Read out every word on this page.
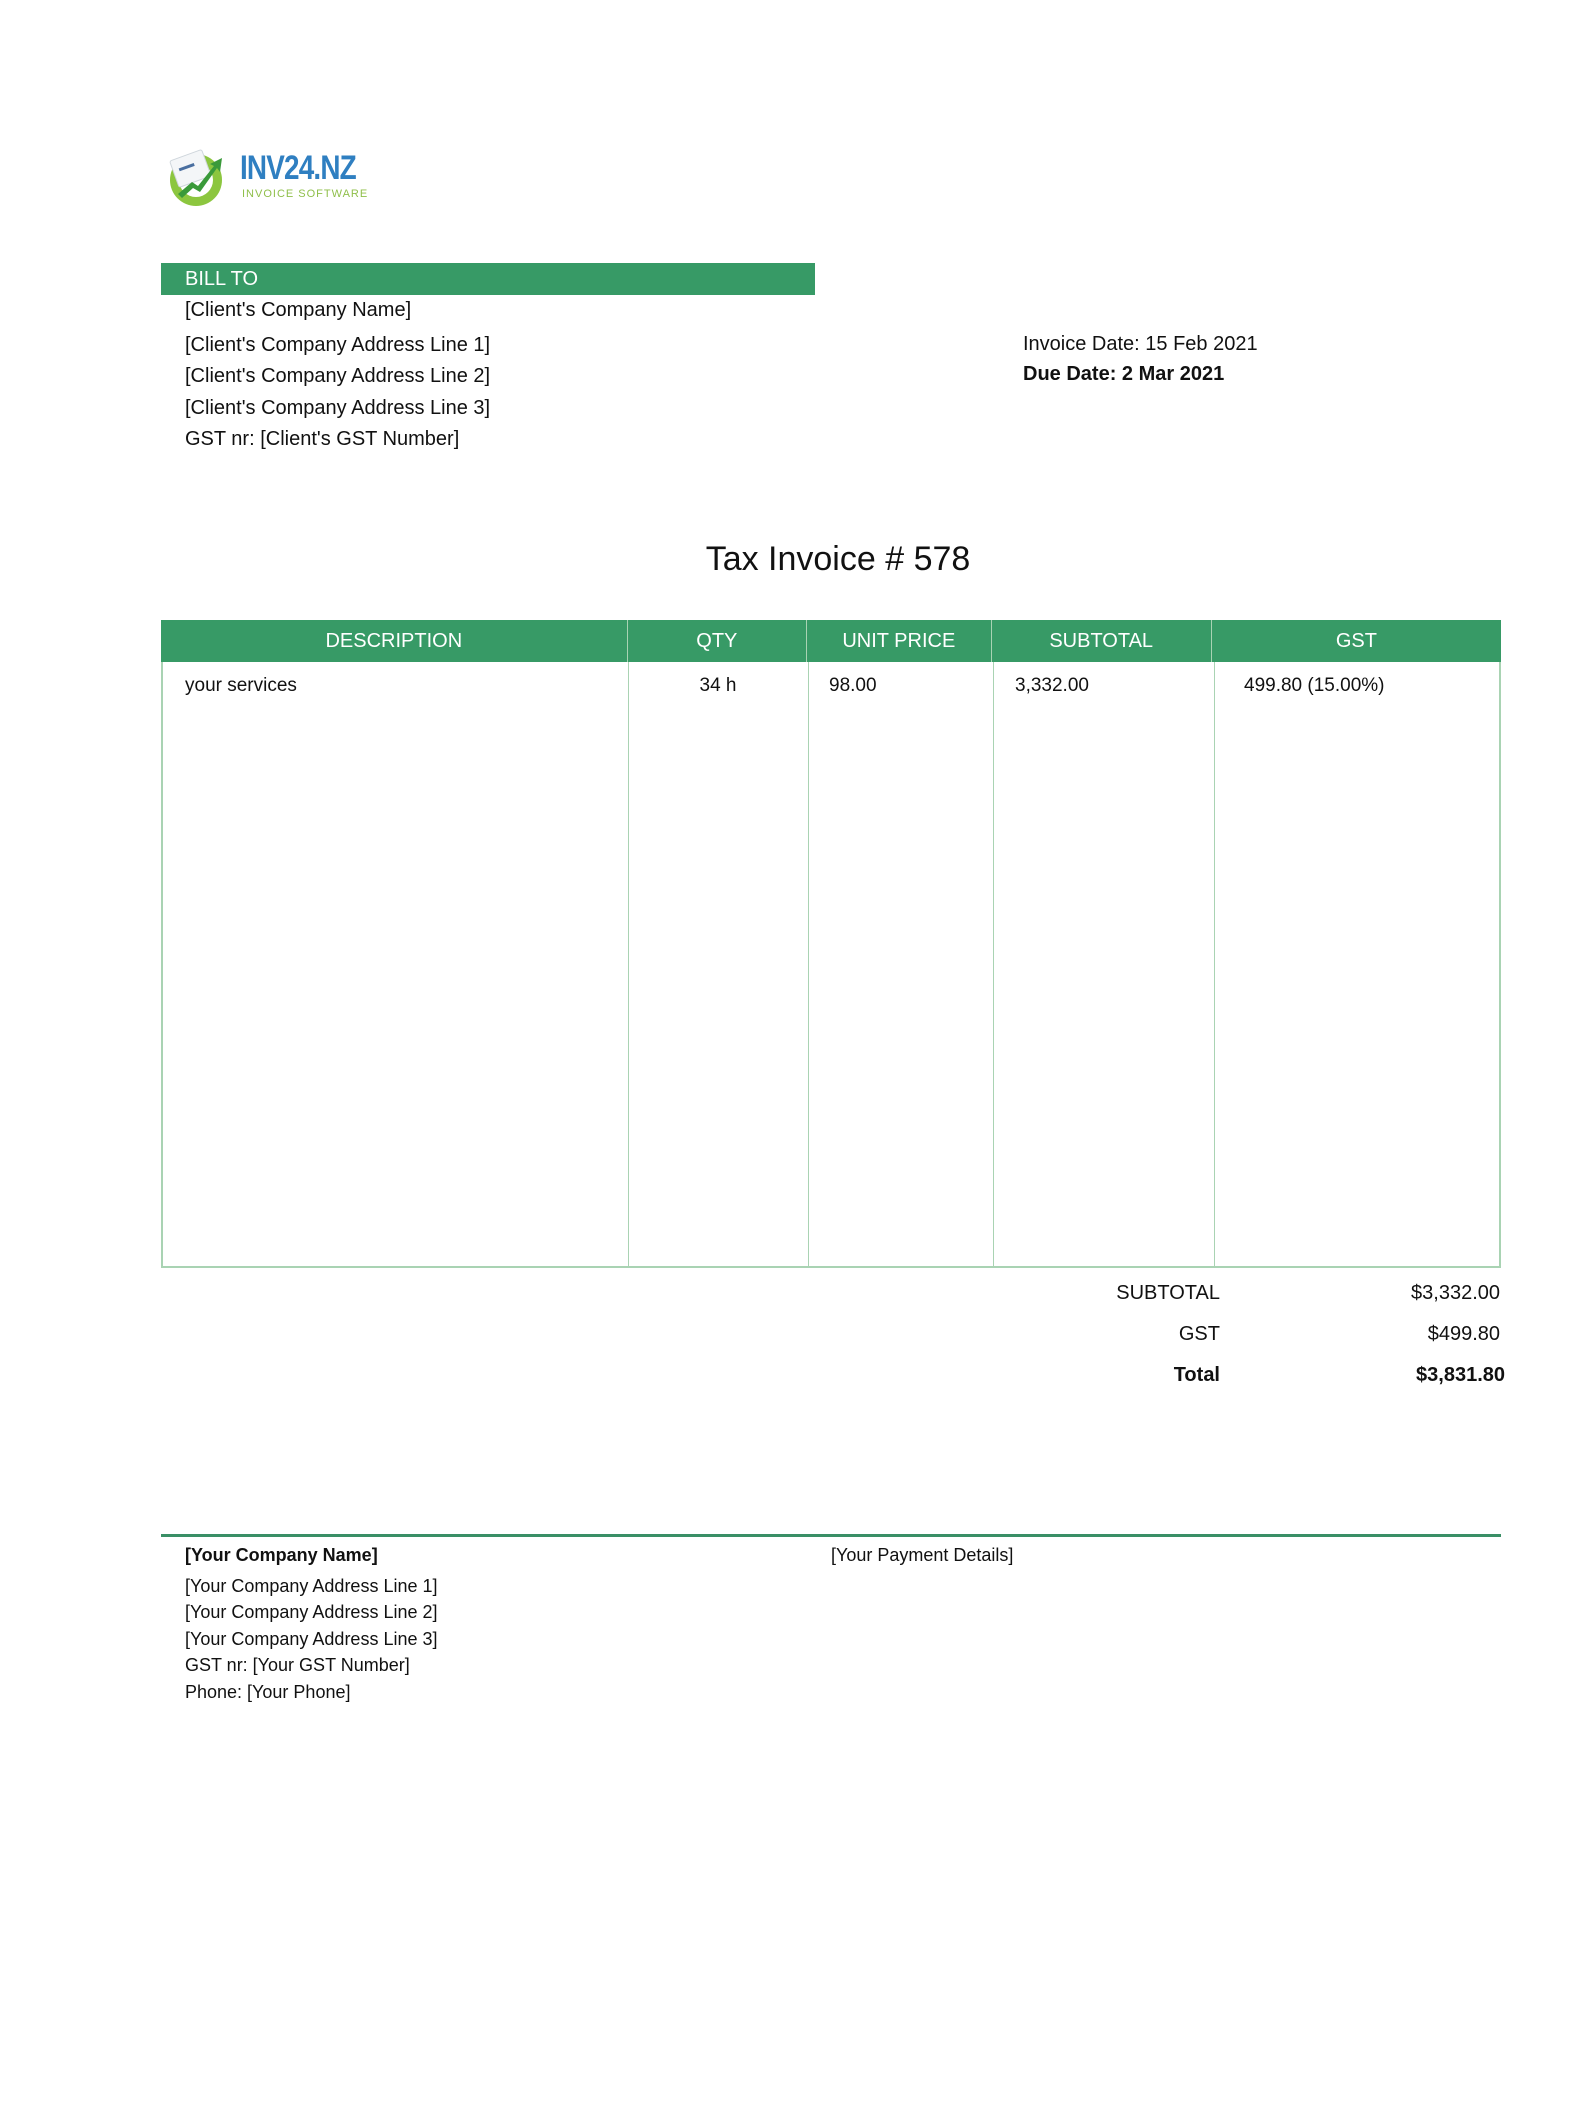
INV24.NZ
INVOICE SOFTWARE
BILL TO
[Client's Company Name]
[Client's Company Address Line 1]
[Client's Company Address Line 2]
[Client's Company Address Line 3]
GST nr: [Client's GST Number]
Invoice Date: 15 Feb 2021
Due Date: 2 Mar 2021
Tax Invoice # 578
DESCRIPTION	QTY	UNIT PRICE	SUBTOTAL	GST
your services	34 h	98.00	3,332.00	499.80 (15.00%)
SUBTOTAL	$3,332.00
GST	$499.80
Total	$3,831.80
[Your Company Name]
[Your Company Address Line 1]
[Your Company Address Line 2]
[Your Company Address Line 3]
GST nr: [Your GST Number]
Phone: [Your Phone]
[Your Payment Details]
